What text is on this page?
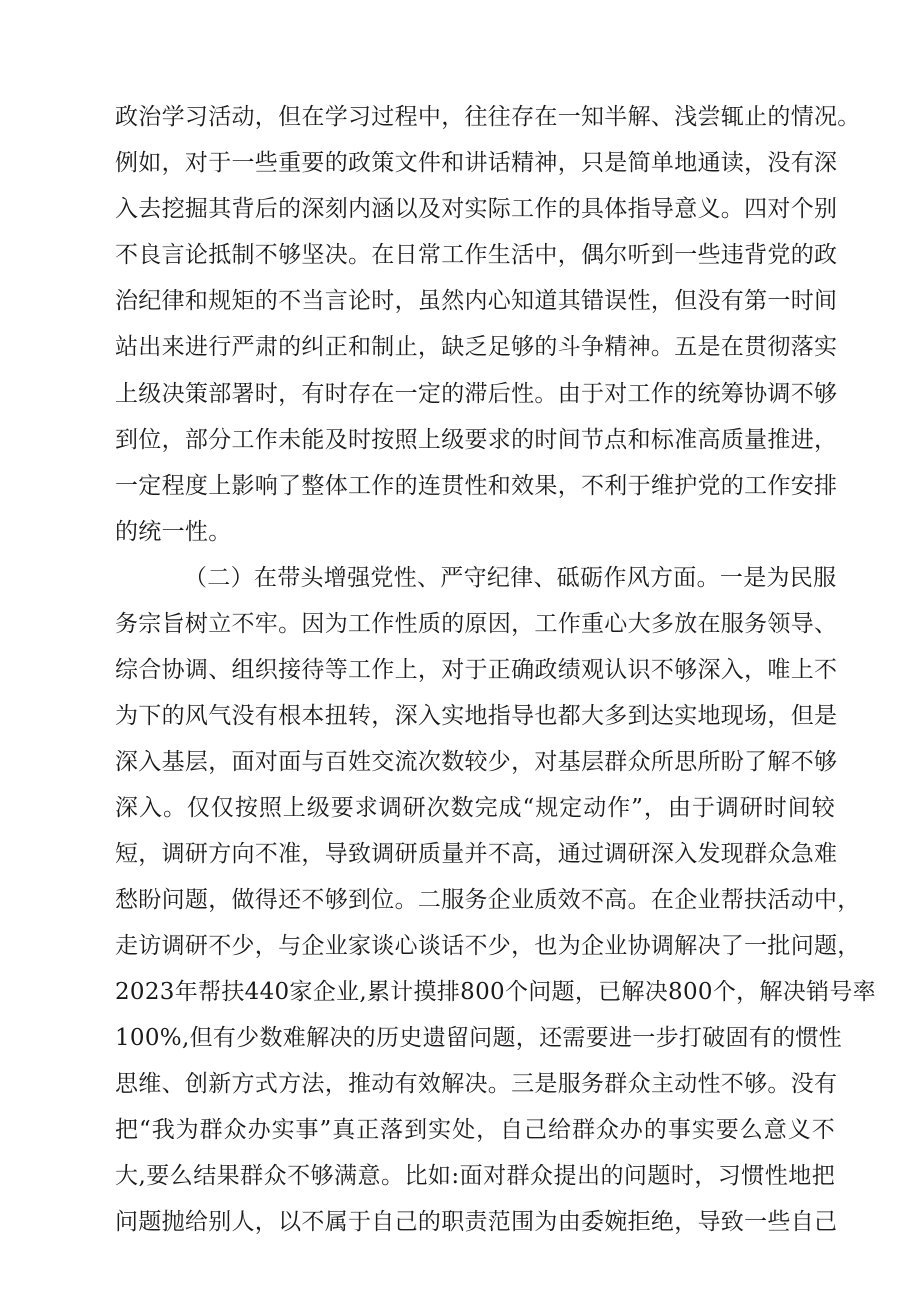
政治学习活动，但在学习过程中，往往存在一知半解、浅尝辄止的情况。
例如，对于一些重要的政策文件和讲话精神，只是简单地通读，没有深
入去挖掘其背后的深刻内涵以及对实际工作的具体指导意义。四对个别
不良言论抵制不够坚决。在日常工作生活中，偶尔听到一些违背党的政
治纪律和规矩的不当言论时，虽然内心知道其错误性，但没有第一时间
站出来进行严肃的纠正和制止，缺乏足够的斗争精神。五是在贯彻落实
上级决策部署时，有时存在一定的滞后性。由于对工作的统筹协调不够
到位，部分工作未能及时按照上级要求的时间节点和标准高质量推进，
一定程度上影响了整体工作的连贯性和效果，不利于维护党的工作安排
的统一性。
（二）在带头增强党性、严守纪律、砥砺作风方面。一是为民服
务宗旨树立不牢。因为工作性质的原因，工作重心大多放在服务领导、
综合协调、组织接待等工作上，对于正确政绩观认识不够深入，唯上不
为下的风气没有根本扭转，深入实地指导也都大多到达实地现场，但是
深入基层，面对面与百姓交流次数较少，对基层群众所思所盼了解不够
深入。仅仅按照上级要求调研次数完成“规定动作”，由于调研时间较
短，调研方向不准，导致调研质量并不高，通过调研深入发现群众急难
愁盼问题，做得还不够到位。二服务企业质效不高。在企业帮扶活动中，
走访调研不少，与企业家谈心谈话不少，也为企业协调解决了一批问题，
2023年帮扶440家企业,累计摸排800个问题，已解决800个，解决销号率
100%,但有少数难解决的历史遗留问题，还需要进一步打破固有的惯性
思维、创新方式方法，推动有效解决。三是服务群众主动性不够。没有
把“我为群众办实事”真正落到实处，自己给群众办的事实要么意义不
大,要么结果群众不够满意。比如:面对群众提出的问题时，习惯性地把
问题抛给别人，以不属于自己的职责范围为由委婉拒绝，导致一些自己
